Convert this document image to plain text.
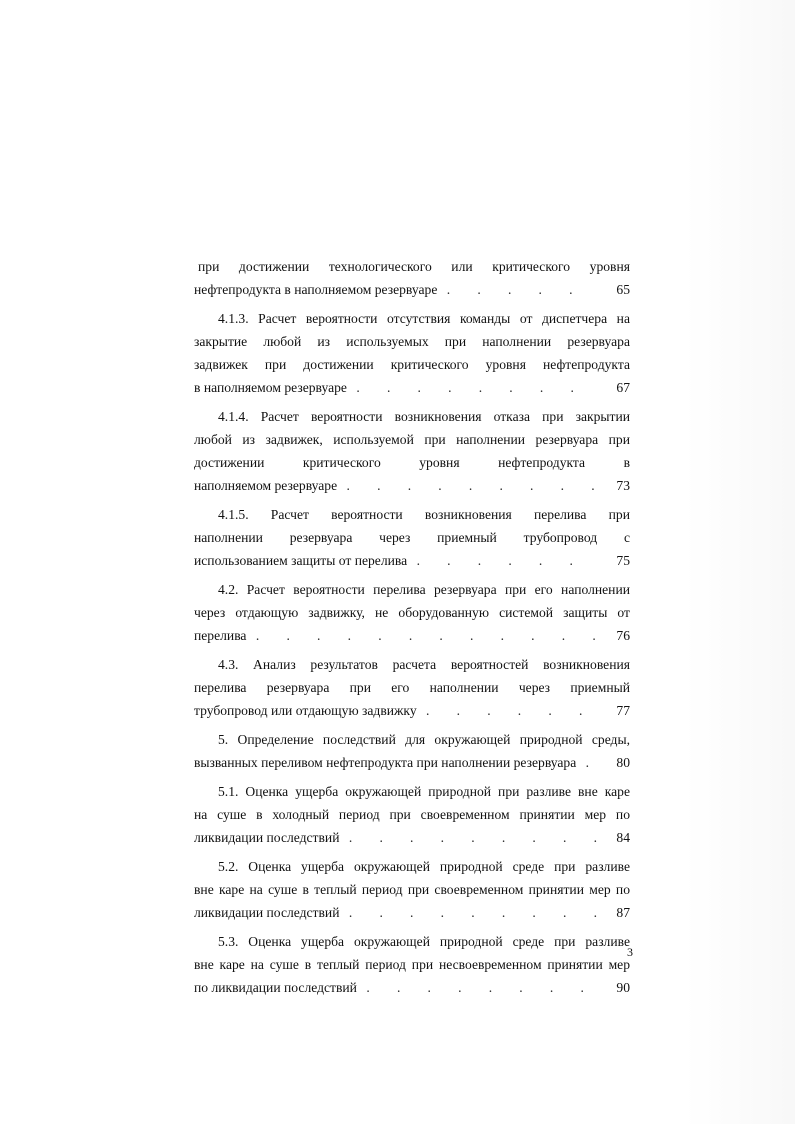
при достижении технологического или критического уровня
нефтепродукта в наполняемом резервуаре .	65
4.1.3. Расчет вероятности отсутствия команды от диспетчера на
закрытие любой из используемых при наполнении резервуара
задвижек при достижении критического уровня нефтепродукта
в наполняемом резервуаре .	67
4.1.4. Расчет вероятности возникновения отказа при закрытии
любой из задвижек, используемой при наполнении резервуара при
достижении критического уровня нефтепродукта в
наполняемом резервуаре .	73
4.1.5. Расчет вероятности возникновения перелива при
наполнении резервуара через приемный трубопровод с
использованием защиты от перелива .	75
4.2. Расчет вероятности перелива резервуара при его наполнении
через отдающую задвижку, не оборудованную системой защиты от
перелива .	76
4.3. Анализ результатов расчета вероятностей возникновения
перелива резервуара при его наполнении через приемный
трубопровод или отдающую задвижку .	77
5. Определение последствий для окружающей природной среды,
вызванных переливом нефтепродукта при наполнении резервуара .	80
5.1. Оценка ущерба окружающей природной при разливе вне каре
на суше в холодный период при своевременном принятии мер по
ликвидации последствий .	84
5.2. Оценка ущерба окружающей природной среде при разливе
вне каре на суше в теплый период при своевременном принятии мер по
ликвидации последствий .	87
5.3. Оценка ущерба окружающей природной среде при разливе
вне каре на суше в теплый период при несвоевременном принятии мер
по ликвидации последствий .	90
3
